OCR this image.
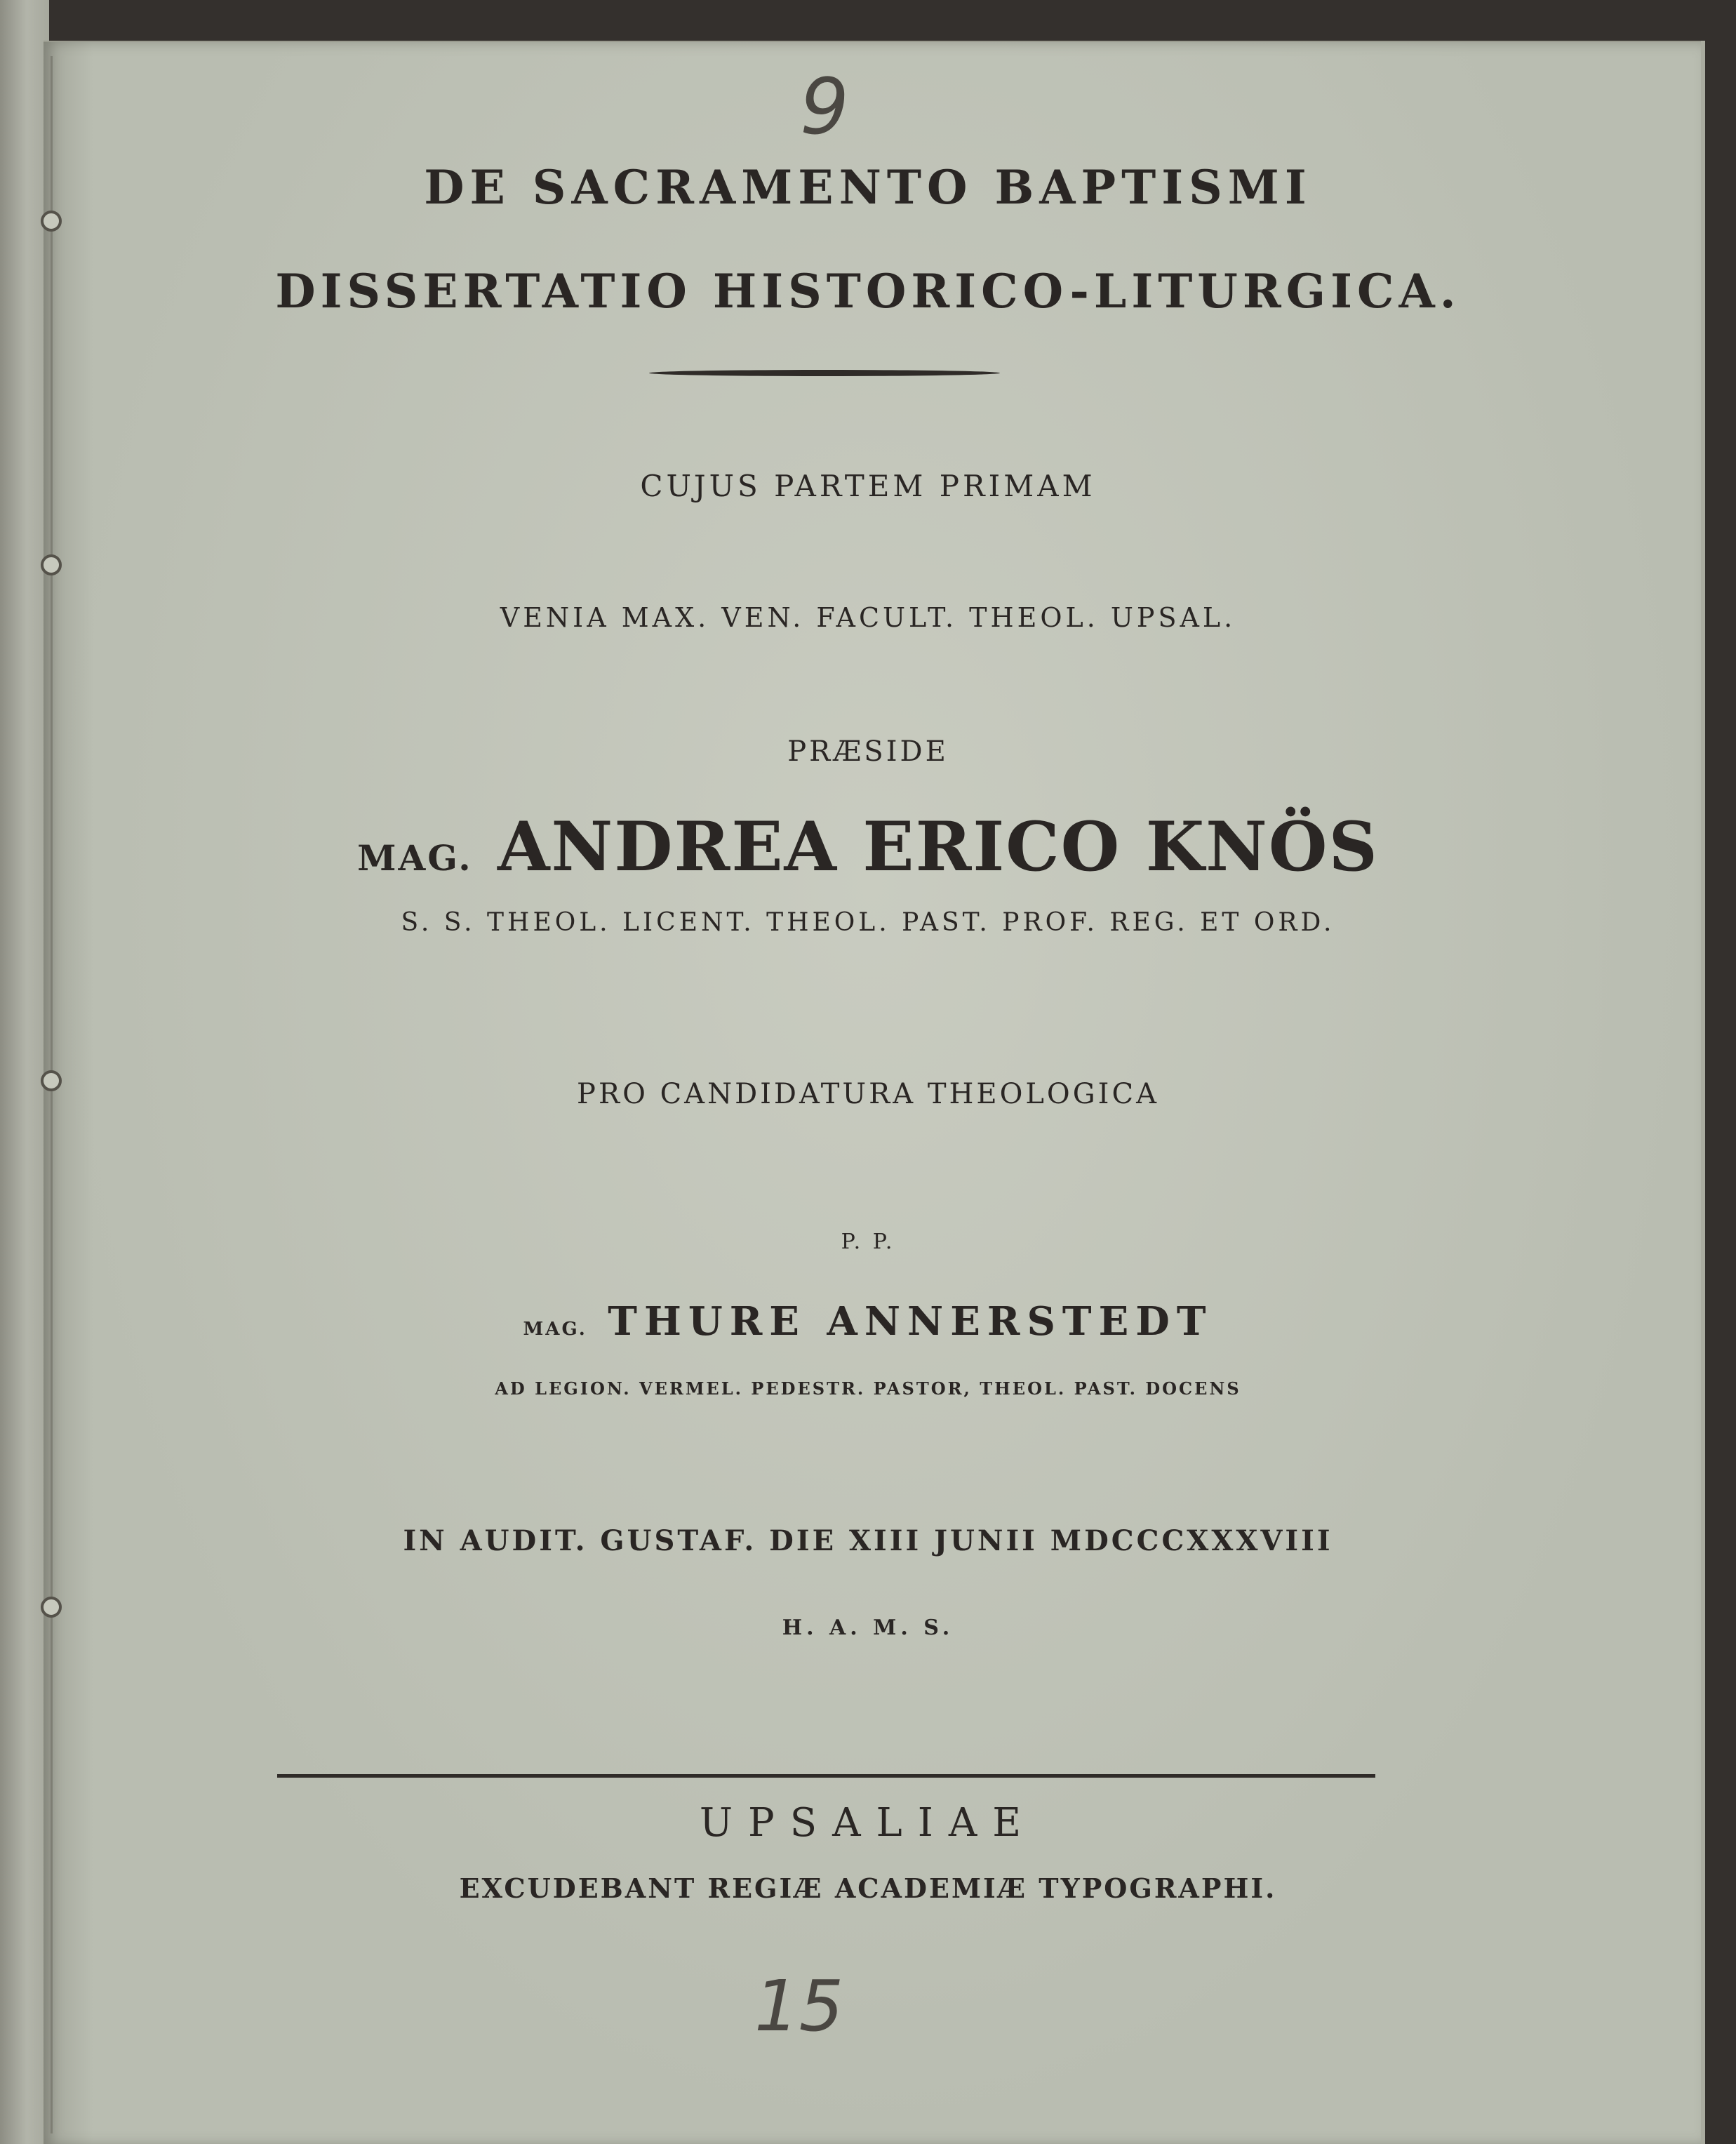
9
DE SACRAMENTO BAPTISMI
DISSERTATIO HISTORICO-LITURGICA.
CUJUS PARTEM PRIMAM
VENIA MAX. VEN. FACULT. THEOL. UPSAL.
PRÆSIDE
MAG. ANDREA ERICO KNÖS
S. S. THEOL. LICENT. THEOL. PAST. PROF. REG. ET ORD.
PRO CANDIDATURA THEOLOGICA
P. P.
MAG. THURE ANNERSTEDT
AD LEGION. VERMEL. PEDESTR. PASTOR, THEOL. PAST. DOCENS
IN AUDIT. GUSTAF. DIE XIII JUNII MDCCCXXXVIII
H. A. M. S.
UPSALIAE
EXCUDEBANT REGIÆ ACADEMIÆ TYPOGRAPHI.
15
